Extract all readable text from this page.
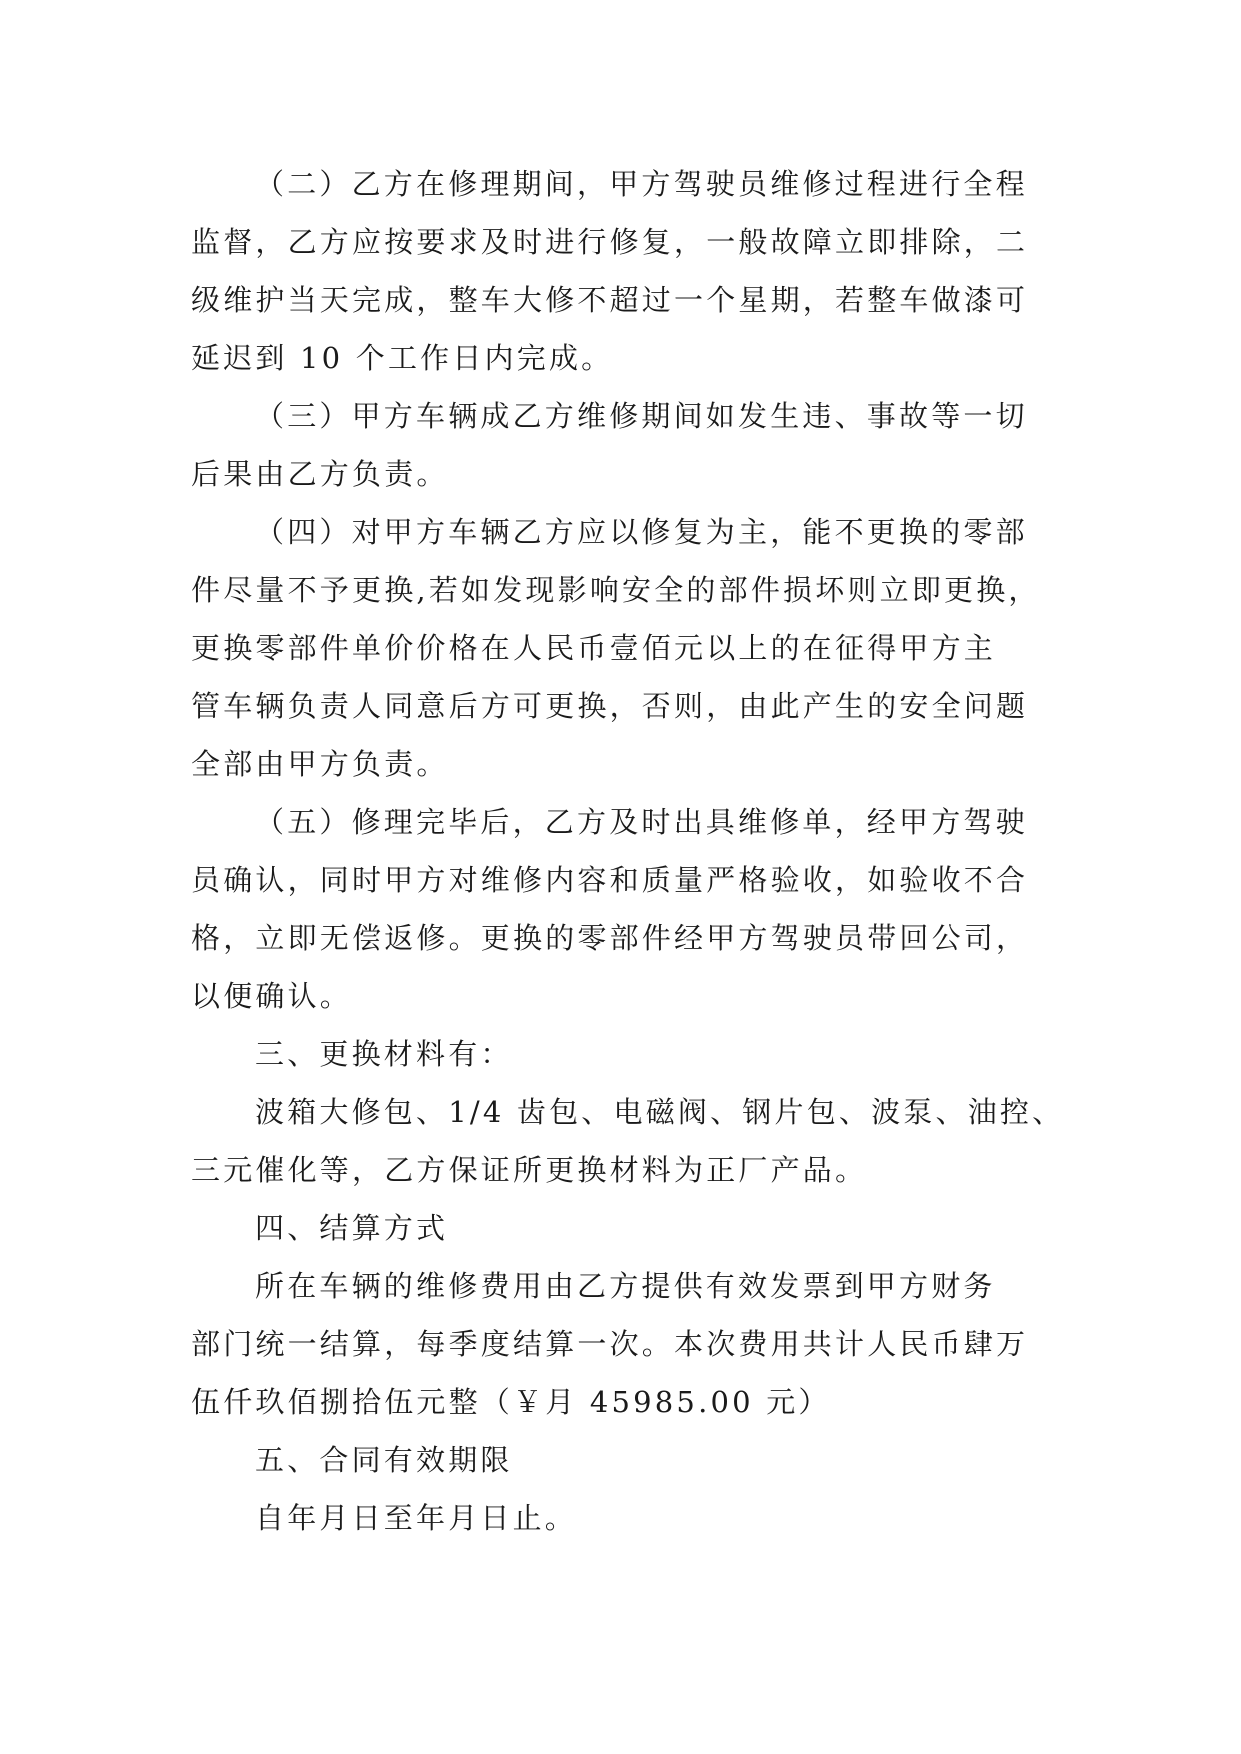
（二）乙方在修理期间，甲方驾驶员维修过程进行全程
监督，乙方应按要求及时进行修复，一般故障立即排除，二
级维护当天完成，整车大修不超过一个星期，若整车做漆可
延迟到 10 个工作日内完成。
（三）甲方车辆成乙方维修期间如发生违、事故等一切
后果由乙方负责。
（四）对甲方车辆乙方应以修复为主，能不更换的零部
件尽量不予更换,若如发现影响安全的部件损坏则立即更换，
更换零部件单价价格在人民币壹佰元以上的在征得甲方主
管车辆负责人同意后方可更换，否则，由此产生的安全问题
全部由甲方负责。
（五）修理完毕后，乙方及时出具维修单，经甲方驾驶
员确认，同时甲方对维修内容和质量严格验收，如验收不合
格，立即无偿返修。更换的零部件经甲方驾驶员带回公司，
以便确认。
三、更换材料有：
波箱大修包、1/4 齿包、电磁阀、钢片包、波泵、油控、
三元催化等，乙方保证所更换材料为正厂产品。
四、结算方式
所在车辆的维修费用由乙方提供有效发票到甲方财务
部门统一结算，每季度结算一次。本次费用共计人民币肆万
伍仟玖佰捌拾伍元整（￥月 45985.00 元）
五、合同有效期限
自年月日至年月日止。
